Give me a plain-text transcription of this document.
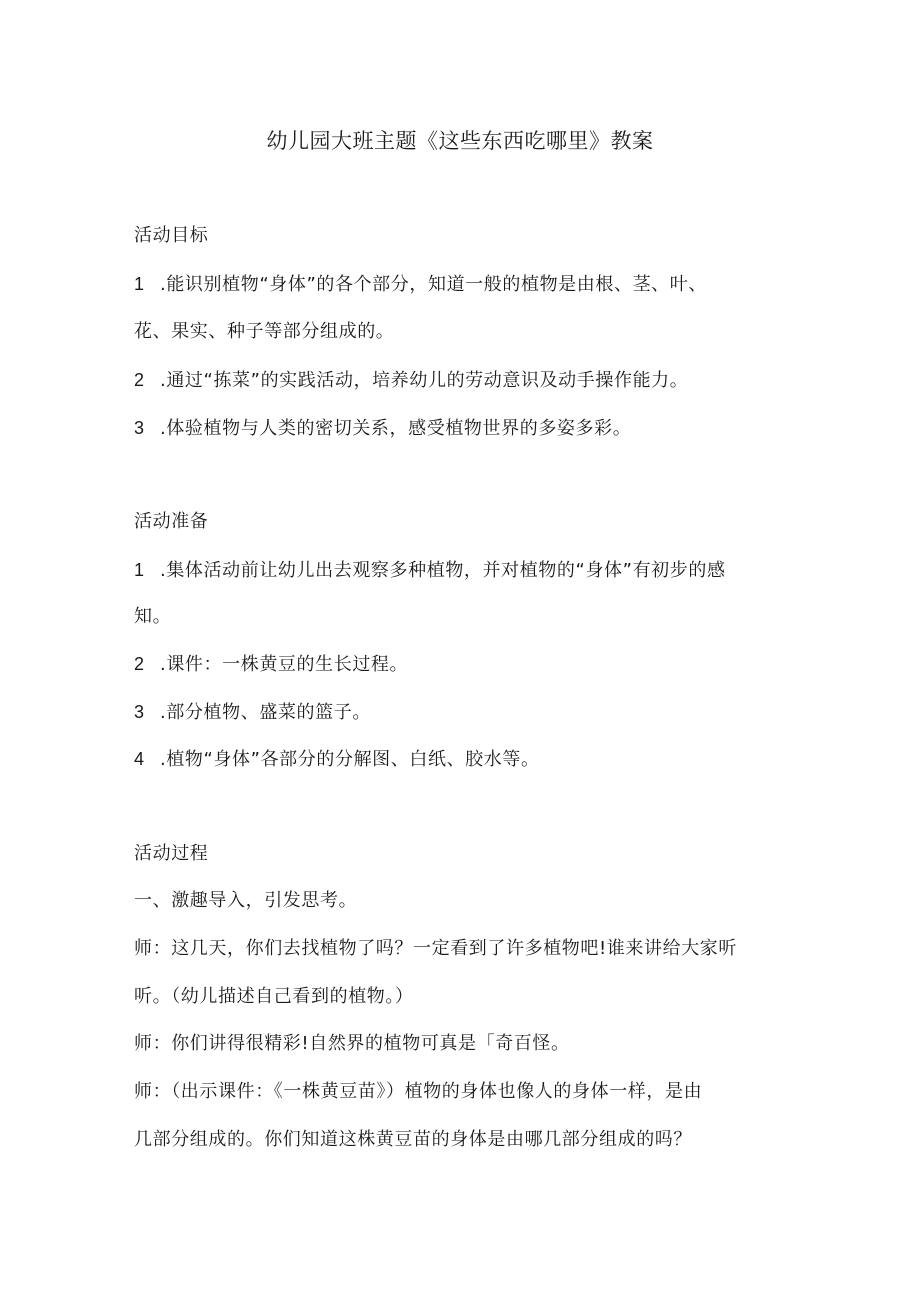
幼儿园大班主题《这些东西吃哪里》教案
活动目标
1 .能识别植物“身体”的各个部分，知道一般的植物是由根、茎、叶、
花、果实、种子等部分组成的。
2 .通过“拣菜”的实践活动，培养幼儿的劳动意识及动手操作能力。
3 .体验植物与人类的密切关系，感受植物世界的多姿多彩。
活动准备
1 .集体活动前让幼儿出去观察多种植物，并对植物的“身体”有初步的感
知。
2 .课件：一株黄豆的生长过程。
3 .部分植物、盛菜的篮子。
4 .植物“身体”各部分的分解图、白纸、胶水等。
活动过程
一、激趣导入，引发思考。
师：这几天，你们去找植物了吗？一定看到了许多植物吧!谁来讲给大家听
听。（幼儿描述自己看到的植物。）
师：你们讲得很精彩!自然界的植物可真是「奇百怪。
师：（出示课件：《一株黄豆苗》）植物的身体也像人的身体一样，是由
几部分组成的。你们知道这株黄豆苗的身体是由哪几部分组成的吗？
